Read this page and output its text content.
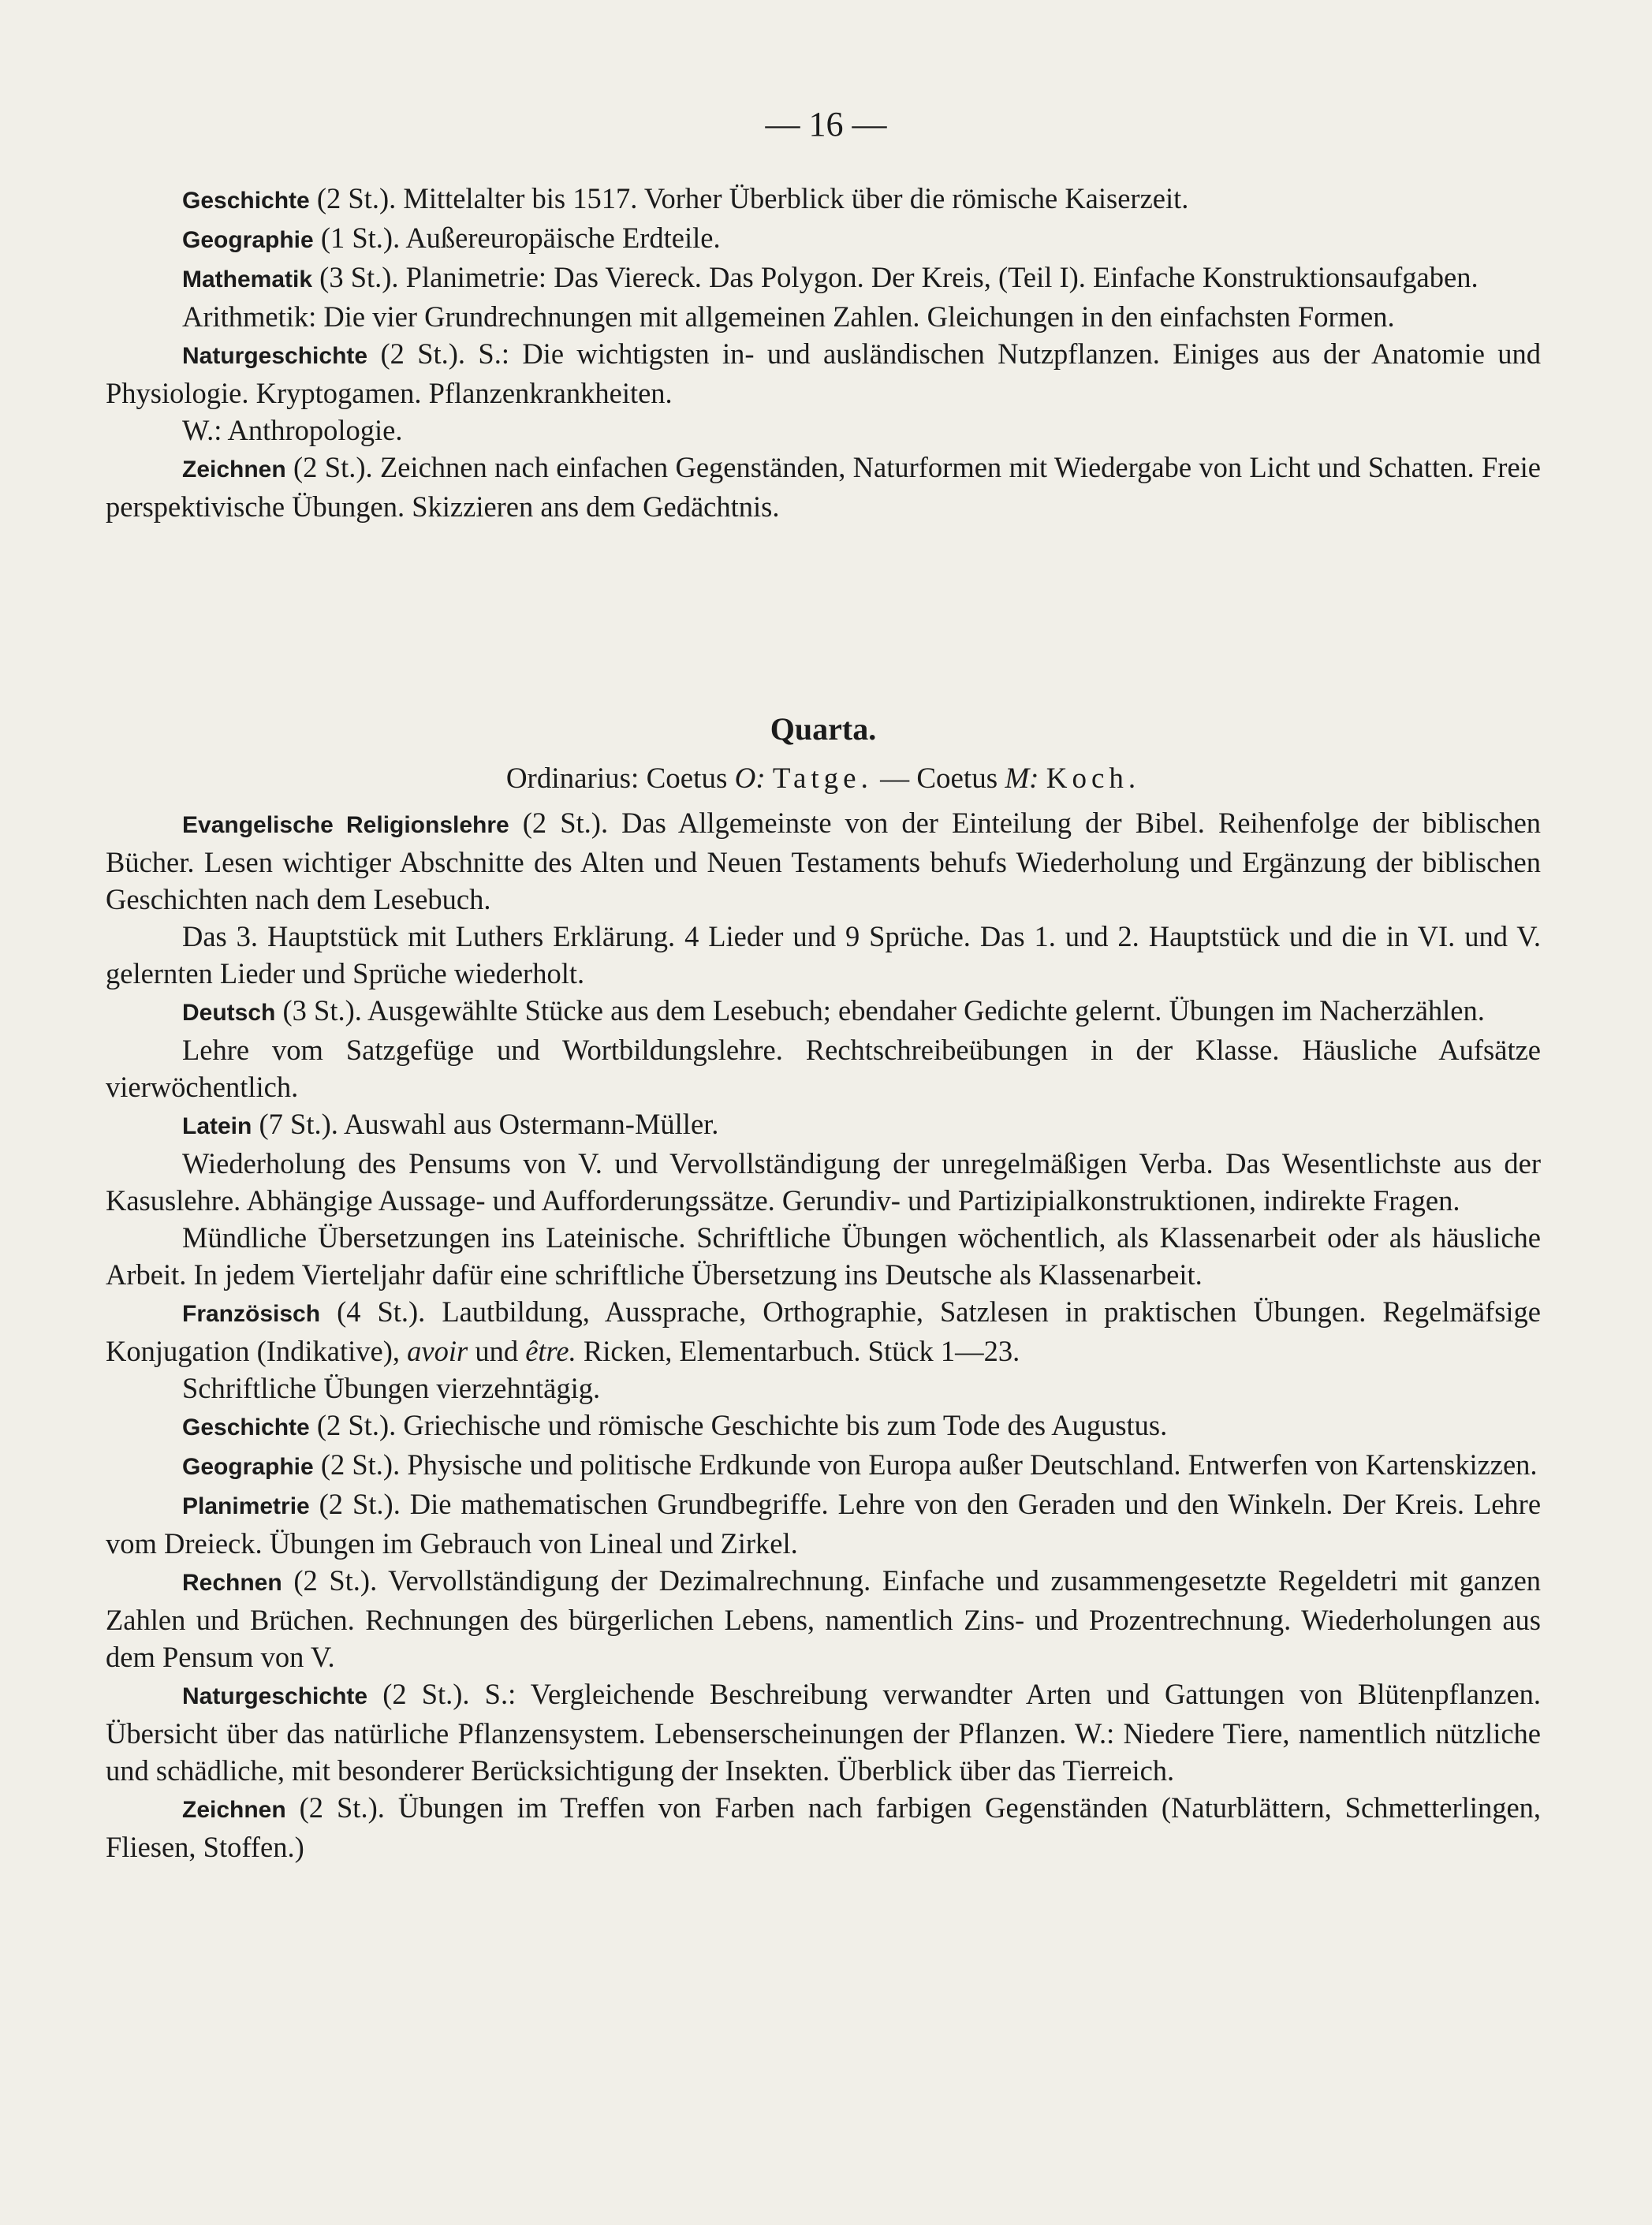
— 16 —

Geschichte (2 St.). Mittelalter bis 1517. Vorher Überblick über die römische Kaiserzeit.

Geographie (1 St.). Außereuropäische Erdteile.

Mathematik (3 St.). Planimetrie: Das Viereck. Das Polygon. Der Kreis, (Teil I). Einfache Konstruktionsaufgaben.

Arithmetik: Die vier Grundrechnungen mit allgemeinen Zahlen. Gleichungen in den einfachsten Formen.

Naturgeschichte (2 St.). S.: Die wichtigsten in- und ausländischen Nutzpflanzen. Einiges aus der Anatomie und Physiologie. Kryptogamen. Pflanzenkrankheiten.

W.: Anthropologie.

Zeichnen (2 St.). Zeichnen nach einfachen Gegenständen, Naturformen mit Wiedergabe von Licht und Schatten. Freie perspektivische Übungen. Skizzieren ans dem Gedächtnis.

Quarta.
Ordinarius: Coetus O: Tatge. — Coetus M: Koch.

Evangelische Religionslehre (2 St.). Das Allgemeinste von der Einteilung der Bibel. Reihenfolge der biblischen Bücher. Lesen wichtiger Abschnitte des Alten und Neuen Testaments behufs Wiederholung und Ergänzung der biblischen Geschichten nach dem Lesebuch.

Das 3. Hauptstück mit Luthers Erklärung. 4 Lieder und 9 Sprüche. Das 1. und 2. Hauptstück und die in VI. und V. gelernten Lieder und Sprüche wiederholt.

Deutsch (3 St.). Ausgewählte Stücke aus dem Lesebuch; ebendaher Gedichte gelernt. Übungen im Nacherzählen.

Lehre vom Satzgefüge und Wortbildungslehre. Rechtschreibeübungen in der Klasse. Häusliche Aufsätze vierwöchentlich.

Latein (7 St.). Auswahl aus Ostermann-Müller.

Wiederholung des Pensums von V. und Vervollständigung der unregelmäßigen Verba. Das Wesentlichste aus der Kasuslehre. Abhängige Aussage- und Aufforderungssätze. Gerundiv- und Partizipialkonstruktionen, indirekte Fragen.

Mündliche Übersetzungen ins Lateinische. Schriftliche Übungen wöchentlich, als Klassenarbeit oder als häusliche Arbeit. In jedem Vierteljahr dafür eine schriftliche Übersetzung ins Deutsche als Klassenarbeit.

Französisch (4 St.). Lautbildung, Aussprache, Orthographie, Satzlesen in praktischen Übungen. Regelmäfsige Konjugation (Indikative), avoir und être. Ricken, Elementarbuch. Stück 1—23.

Schriftliche Übungen vierzehntägig.

Geschichte (2 St.). Griechische und römische Geschichte bis zum Tode des Augustus.

Geographie (2 St.). Physische und politische Erdkunde von Europa außer Deutschland. Entwerfen von Kartenskizzen.

Planimetrie (2 St.). Die mathematischen Grundbegriffe. Lehre von den Geraden und den Winkeln. Der Kreis. Lehre vom Dreieck. Übungen im Gebrauch von Lineal und Zirkel.

Rechnen (2 St.). Vervollständigung der Dezimalrechnung. Einfache und zusammengesetzte Regeldetri mit ganzen Zahlen und Brüchen. Rechnungen des bürgerlichen Lebens, namentlich Zins- und Prozentrechnung. Wiederholungen aus dem Pensum von V.

Naturgeschichte (2 St.). S.: Vergleichende Beschreibung verwandter Arten und Gattungen von Blütenpflanzen. Übersicht über das natürliche Pflanzensystem. Lebenserscheinungen der Pflanzen. W.: Niedere Tiere, namentlich nützliche und schädliche, mit besonderer Berücksichtigung der Insekten. Überblick über das Tierreich.

Zeichnen (2 St.). Übungen im Treffen von Farben nach farbigen Gegenständen (Naturblättern, Schmetterlingen, Fliesen, Stoffen.)
